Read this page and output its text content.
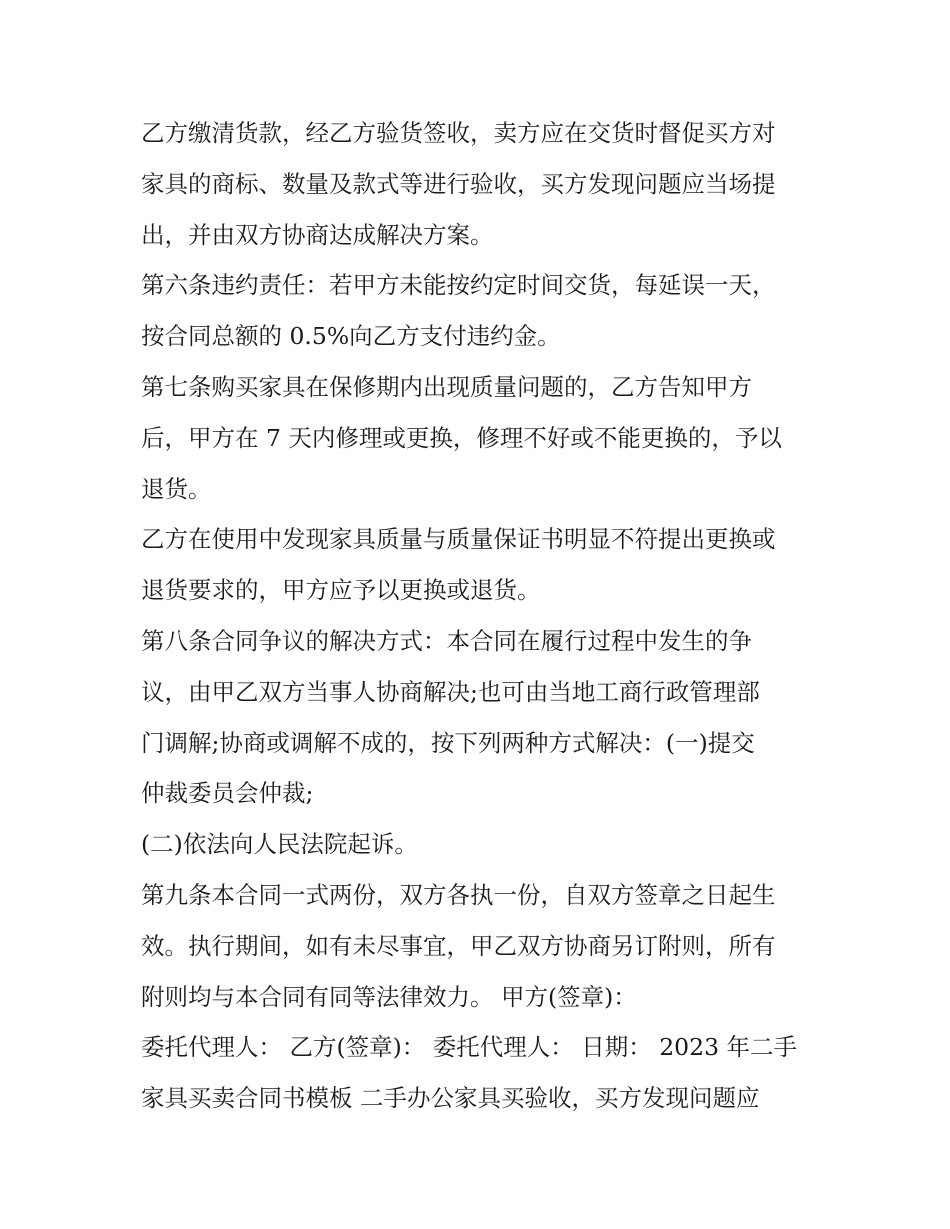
乙方缴清货款，经乙方验货签收，卖方应在交货时督促买方对
家具的商标、数量及款式等进行验收，买方发现问题应当场提
出，并由双方协商达成解决方案。
第六条违约责任：若甲方未能按约定时间交货，每延误一天，
按合同总额的 0.5%向乙方支付违约金。
第七条购买家具在保修期内出现质量问题的，乙方告知甲方
后，甲方在 7 天内修理或更换，修理不好或不能更换的，予以
退货。
乙方在使用中发现家具质量与质量保证书明显不符提出更换或
退货要求的，甲方应予以更换或退货。
第八条合同争议的解决方式：本合同在履行过程中发生的争
议，由甲乙双方当事人协商解决;也可由当地工商行政管理部
门调解;协商或调解不成的，按下列两种方式解决：(一)提交
仲裁委员会仲裁;
(二)依法向人民法院起诉。
第九条本合同一式两份，双方各执一份，自双方签章之日起生
效。执行期间，如有未尽事宜，甲乙双方协商另订附则，所有
附则均与本合同有同等法律效力。 甲方(签章)：
委托代理人： 乙方(签章)： 委托代理人： 日期： 2023 年二手
家具买卖合同书模板 二手办公家具买验收，买方发现问题应
